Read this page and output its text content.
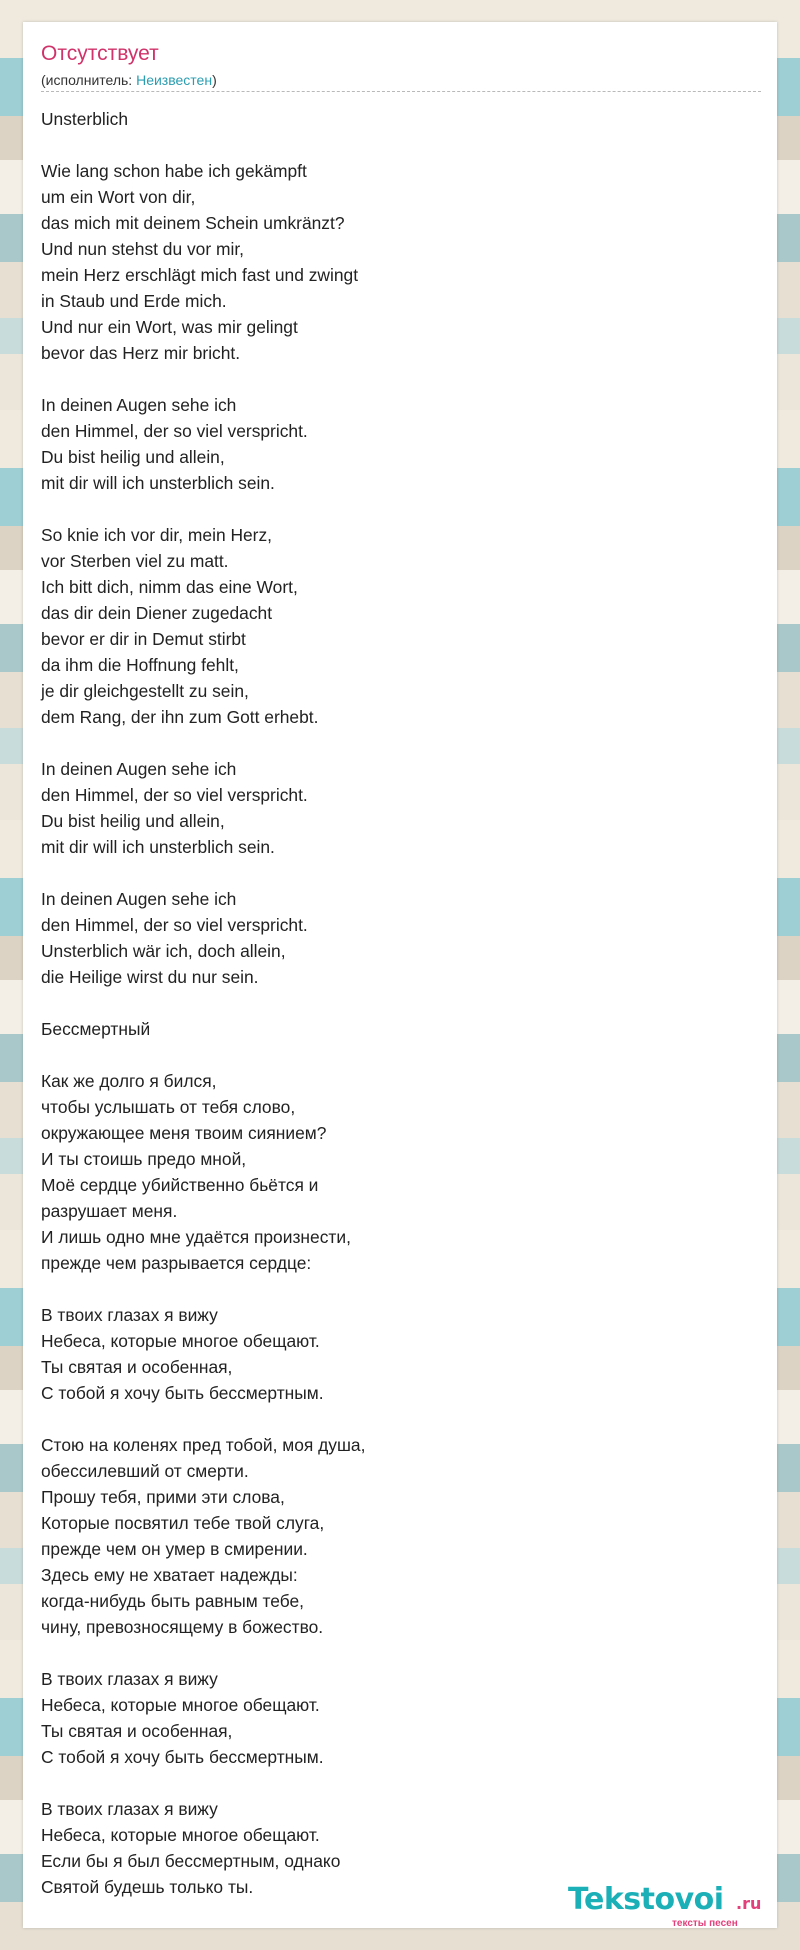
Отсутствует
(исполнитель: Неизвестен)
Unsterblich
Wie lang schon habe ich gekämpft
um ein Wort von dir,
das mich mit deinem Schein umkränzt?
Und nun stehst du vor mir,
mein Herz erschlägt mich fast und zwingt
in Staub und Erde mich.
Und nur ein Wort, was mir gelingt
bevor das Herz mir bricht.
In deinen Augen sehe ich
den Himmel, der so viel verspricht.
Du bist heilig und allein,
mit dir will ich unsterblich sein.
So knie ich vor dir, mein Herz,
vor Sterben viel zu matt.
Ich bitt dich, nimm das eine Wort,
das dir dein Diener zugedacht
bevor er dir in Demut stirbt
da ihm die Hoffnung fehlt,
je dir gleichgestellt zu sein,
dem Rang, der ihn zum Gott erhebt.
In deinen Augen sehe ich
den Himmel, der so viel verspricht.
Du bist heilig und allein,
mit dir will ich unsterblich sein.
In deinen Augen sehe ich
den Himmel, der so viel verspricht.
Unsterblich wär ich, doch allein,
die Heilige wirst du nur sein.
Бессмертный
Как же долго я бился,
чтобы услышать от тебя слово,
окружающее меня твоим сиянием?
И ты стоишь предо мной,
Моё сердце убийственно бьётся и
разрушает меня.
И лишь одно мне удаётся произнести,
прежде чем разрывается сердце:
В твоих глазах я вижу
Небеса, которые многое обещают.
Ты святая и особенная,
С тобой я хочу быть бессмертным.
Стою на коленях пред тобой, моя душа,
обессилевший от смерти.
Прошу тебя, прими эти слова,
Которые посвятил тебе твой слуга,
прежде чем он умер в смирении.
Здесь ему не хватает надежды:
когда-нибудь быть равным тебе,
чину, превозносящему в божество.
В твоих глазах я вижу
Небеса, которые многое обещают.
Ты святая и особенная,
С тобой я хочу быть бессмертным.
В твоих глазах я вижу
Небеса, которые многое обещают.
Если бы я был бессмертным, однако
Святой будешь только ты.	Tekstovoi .ru
тексты песен
